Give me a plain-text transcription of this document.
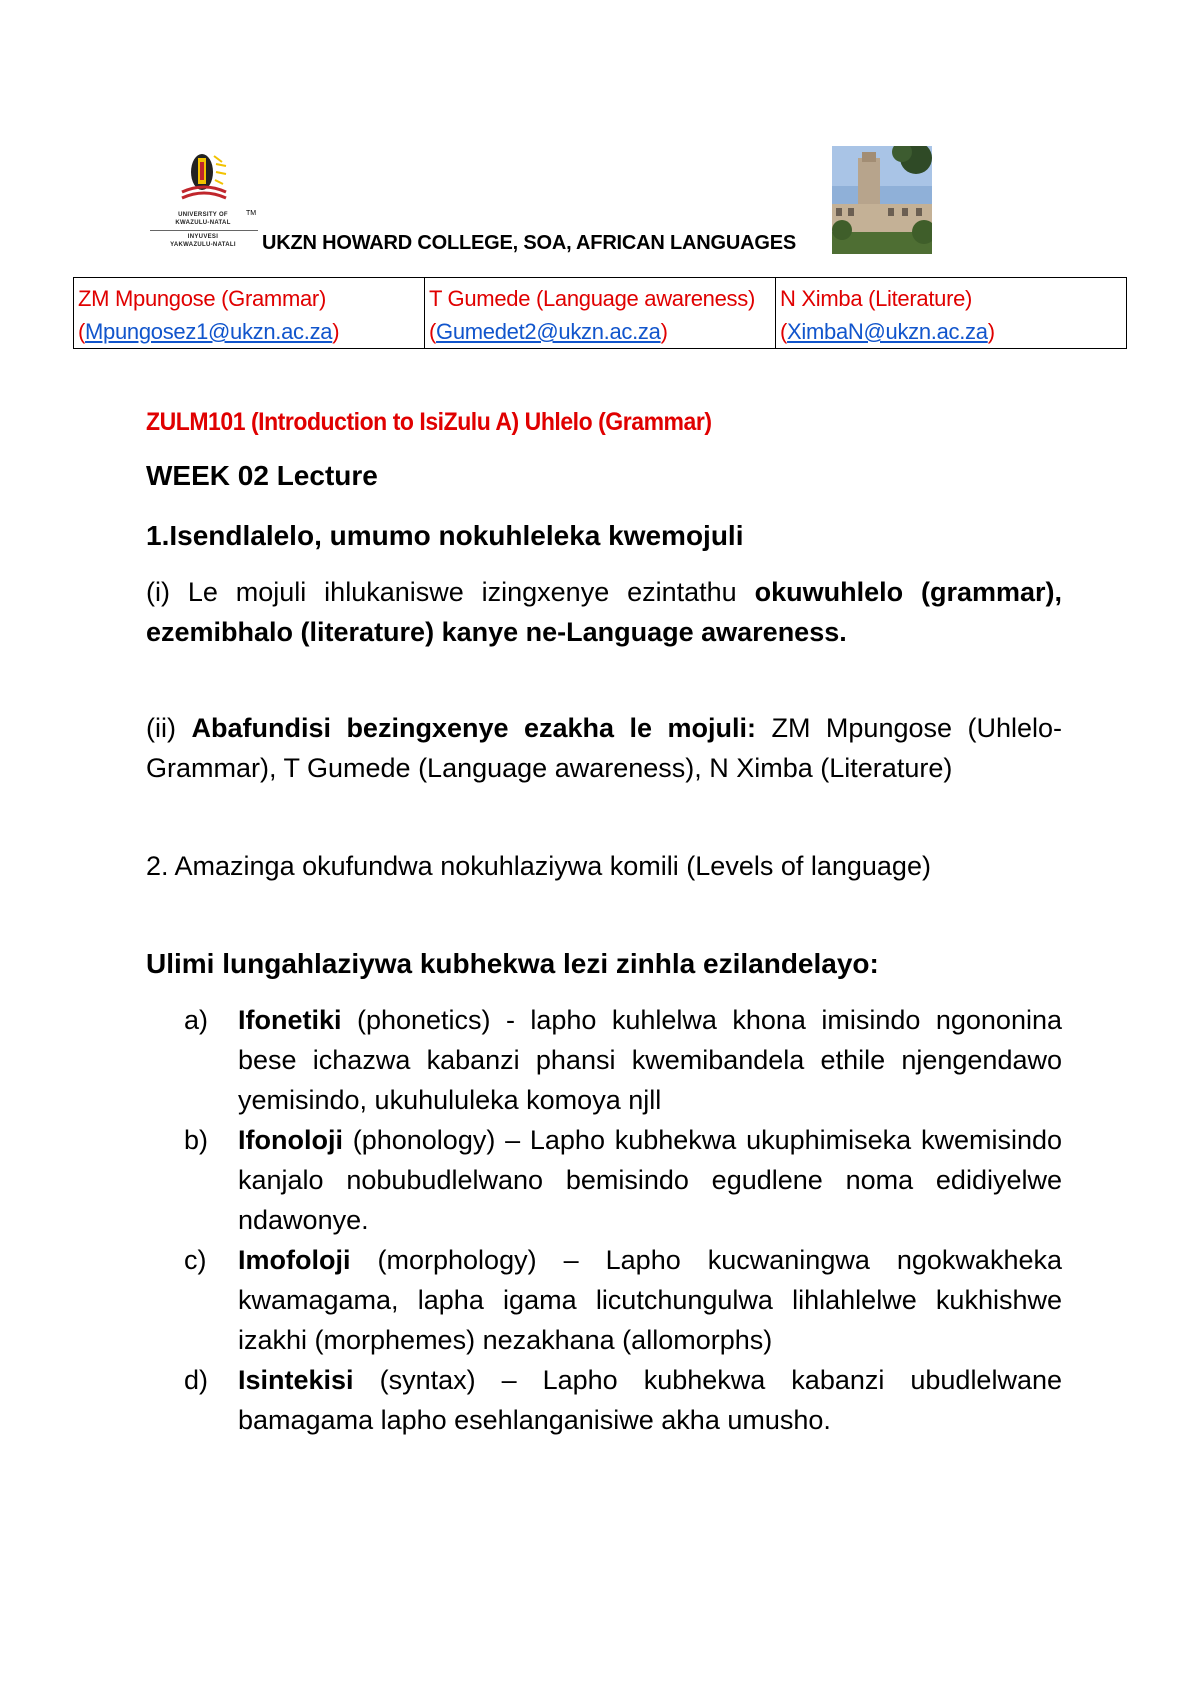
TM
UNIVERSITY OF
KWAZULU-NATAL
INYUVESI
YAKWAZULU-NATALI	UKZN HOWARD COLLEGE, SOA, AFRICAN LANGUAGES
ZM Mpungose (Grammar)
(Mpungosez1@ukzn.ac.za)

T Gumede (Language awareness)
(Gumedet2@ukzn.ac.za)

N Ximba (Literature)
(XimbaN@ukzn.ac.za)
ZULM101 (Introduction to IsiZulu A) Uhlelo (Grammar)
WEEK 02 Lecture
1.Isendlalelo, umumo nokuhleleka kwemojuli
(i) Le mojuli ihlukaniswe izingxenye ezintathu okuwuhlelo (grammar), ezemibhalo (literature) kanye ne-Language awareness.
(ii) Abafundisi bezingxenye ezakha le mojuli: ZM Mpungose (Uhlelo-Grammar), T Gumede (Language awareness), N Ximba (Literature)
2. Amazinga okufundwa nokuhlaziywa komili (Levels of language)
Ulimi lungahlaziywa kubhekwa lezi zinhla ezilandelayo:
a) Ifonetiki (phonetics) - lapho kuhlelwa khona imisindo ngononina bese ichazwa kabanzi phansi kwemibandela ethile njengendawo yemisindo, ukuhululeka komoya njll
b) Ifonoloji (phonology) – Lapho kubhekwa ukuphimiseka kwemisindo kanjalo nobubudlelwano bemisindo egudlene noma edidiyelwe ndawonye.
c) Imofoloji (morphology) – Lapho kucwaningwa ngokwakheka kwamagama, lapha igama licutchungulwa lihlahlelwe kukhishwe izakhi (morphemes) nezakhana (allomorphs)
d) Isintekisi (syntax) – Lapho kubhekwa kabanzi ubudlelwane bamagama lapho esehlanganisiwe akha umusho.
